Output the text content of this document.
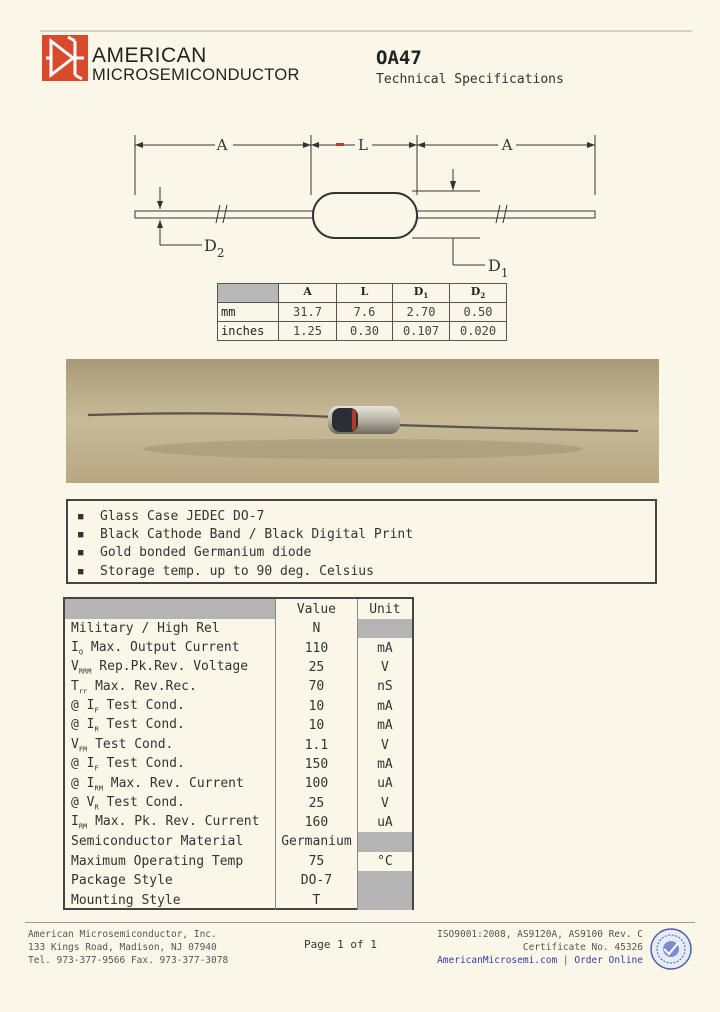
AMERICAN
MICROSEMICONDUCTOR
OA47
Technical Specifications
A	L	A
$D_2$
$D_1$
	A	L	$D_1$	$D_2$
mm	31.7	7.6	2.70	0.50
inches	1.25	0.30	0.107	0.020
■ Glass Case JEDEC DO-7
■ Black Cathode Band / Black Digital Print
■ Gold bonded Germanium diode
■ Storage temp. up to 90 deg. Celsius
	Value	Unit
Military / High Rel	N	
$I_O$ Max. Output Current	110	mA
$V_{RRM}$ Rep.Pk.Rev. Voltage	25	V
$T_{rr}$ Max. Rev.Rec.	70	nS
@ $I_F$ Test Cond.	10	mA
@ $I_R$ Test Cond.	10	mA
$V_{FM}$ Test Cond.	1.1	V
@ $I_F$ Test Cond.	150	mA
@ $I_{RM}$ Max. Rev. Current	100	uA
@ $V_R$ Test Cond.	25	V
$I_{RM}$ Max. Pk. Rev. Current	160	uA
Semiconductor Material	Germanium	
Maximum Operating Temp	75	°C
Package Style	DO-7	
Mounting Style	T	
American Microsemiconductor, Inc.
133 Kings Road, Madison, NJ 07940
Tel. 973-377-9566 Fax. 973-377-3078
Page 1 of 1
ISO9001:2008, AS9120A, AS9100 Rev. C
Certificate No. 45326
AmericanMicrosemi.com | Order Online
